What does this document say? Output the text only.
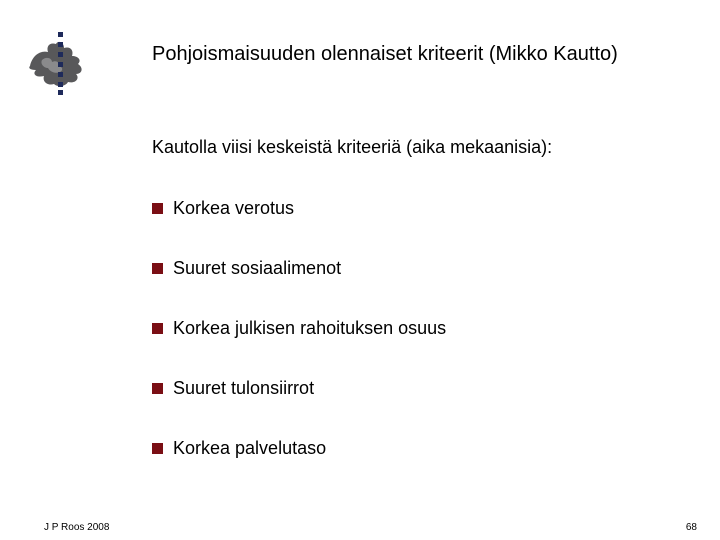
Pohjoismaisuuden olennaiset kriteerit (Mikko Kautto)

Kautolla viisi keskeistä kriteeriä (aika mekaanisia):

Korkea verotus
Suuret sosiaalimenot
Korkea julkisen rahoituksen osuus
Suuret tulonsiirrot
Korkea palvelutaso
J P Roos 2008	68
